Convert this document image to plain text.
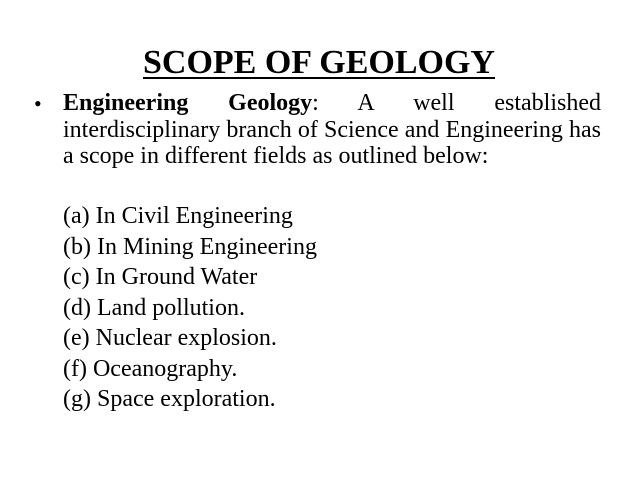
SCOPE OF GEOLOGY
• Engineering Geology: A well established interdisciplinary branch of Science and Engineering has a scope in different fields as outlined below:
(a) In Civil Engineering
(b) In Mining Engineering
(c) In Ground Water
(d) Land pollution.
(e) Nuclear explosion.
(f) Oceanography.
(g) Space exploration.
